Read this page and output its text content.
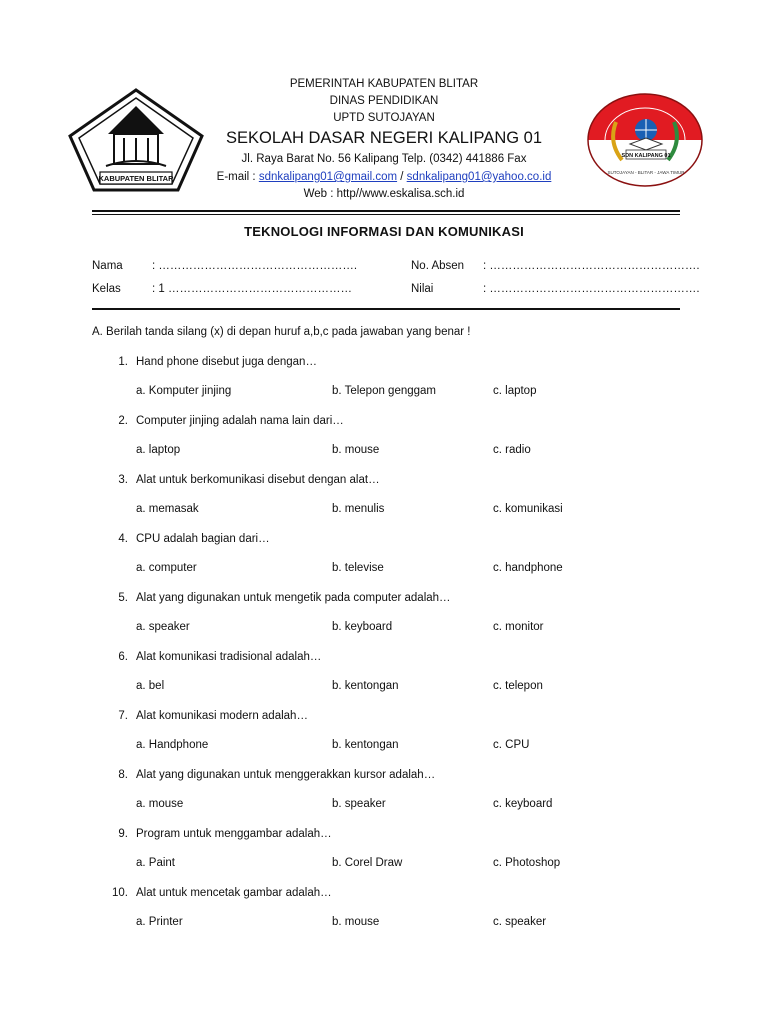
KABUPATEN BLITAR
SDN KALIPANG 01
SUTOJAYAN - BLITAR - JAWA TIMUR
PEMERINTAH KABUPATEN BLITAR
DINAS PENDIDIKAN
UPTD SUTOJAYAN
SEKOLAH DASAR NEGERI KALIPANG 01
Jl. Raya Barat No. 56 Kalipang Telp. (0342) 441886 Fax
E-mail : sdnkalipang01@gmail.com / sdnkalipang01@yahoo.co.id
Web : http//www.eskalisa.sch.id
TEKNOLOGI INFORMASI DAN KOMUNIKASI
Nama	: …………………………………………….	No. Absen : ……………………………………………….
Kelas	: 1 …………………………………………	Nilai	: ……………………………………………….
A. Berilah tanda silang (x) di depan huruf a,b,c pada jawaban yang benar !
1. Hand phone disebut juga dengan…
a. Komputer jinjing	b. Telepon genggam	c. laptop
2. Computer jinjing adalah nama lain dari…
a. laptop	b. mouse	c. radio
3. Alat untuk berkomunikasi disebut dengan alat…
a. memasak	b. menulis	c. komunikasi
4. CPU adalah bagian dari…
a. computer	b. televise	c. handphone
5. Alat yang digunakan untuk mengetik pada computer adalah…
a. speaker	b. keyboard	c. monitor
6. Alat komunikasi tradisional adalah…
a. bel	b. kentongan	c. telepon
7. Alat komunikasi modern adalah…
a. Handphone	b. kentongan	c. CPU
8. Alat yang digunakan untuk menggerakkan kursor adalah…
a. mouse	b. speaker	c. keyboard
9. Program untuk menggambar adalah…
a. Paint	b. Corel Draw	c. Photoshop
10. Alat untuk mencetak gambar adalah…
a. Printer	b. mouse	c. speaker
